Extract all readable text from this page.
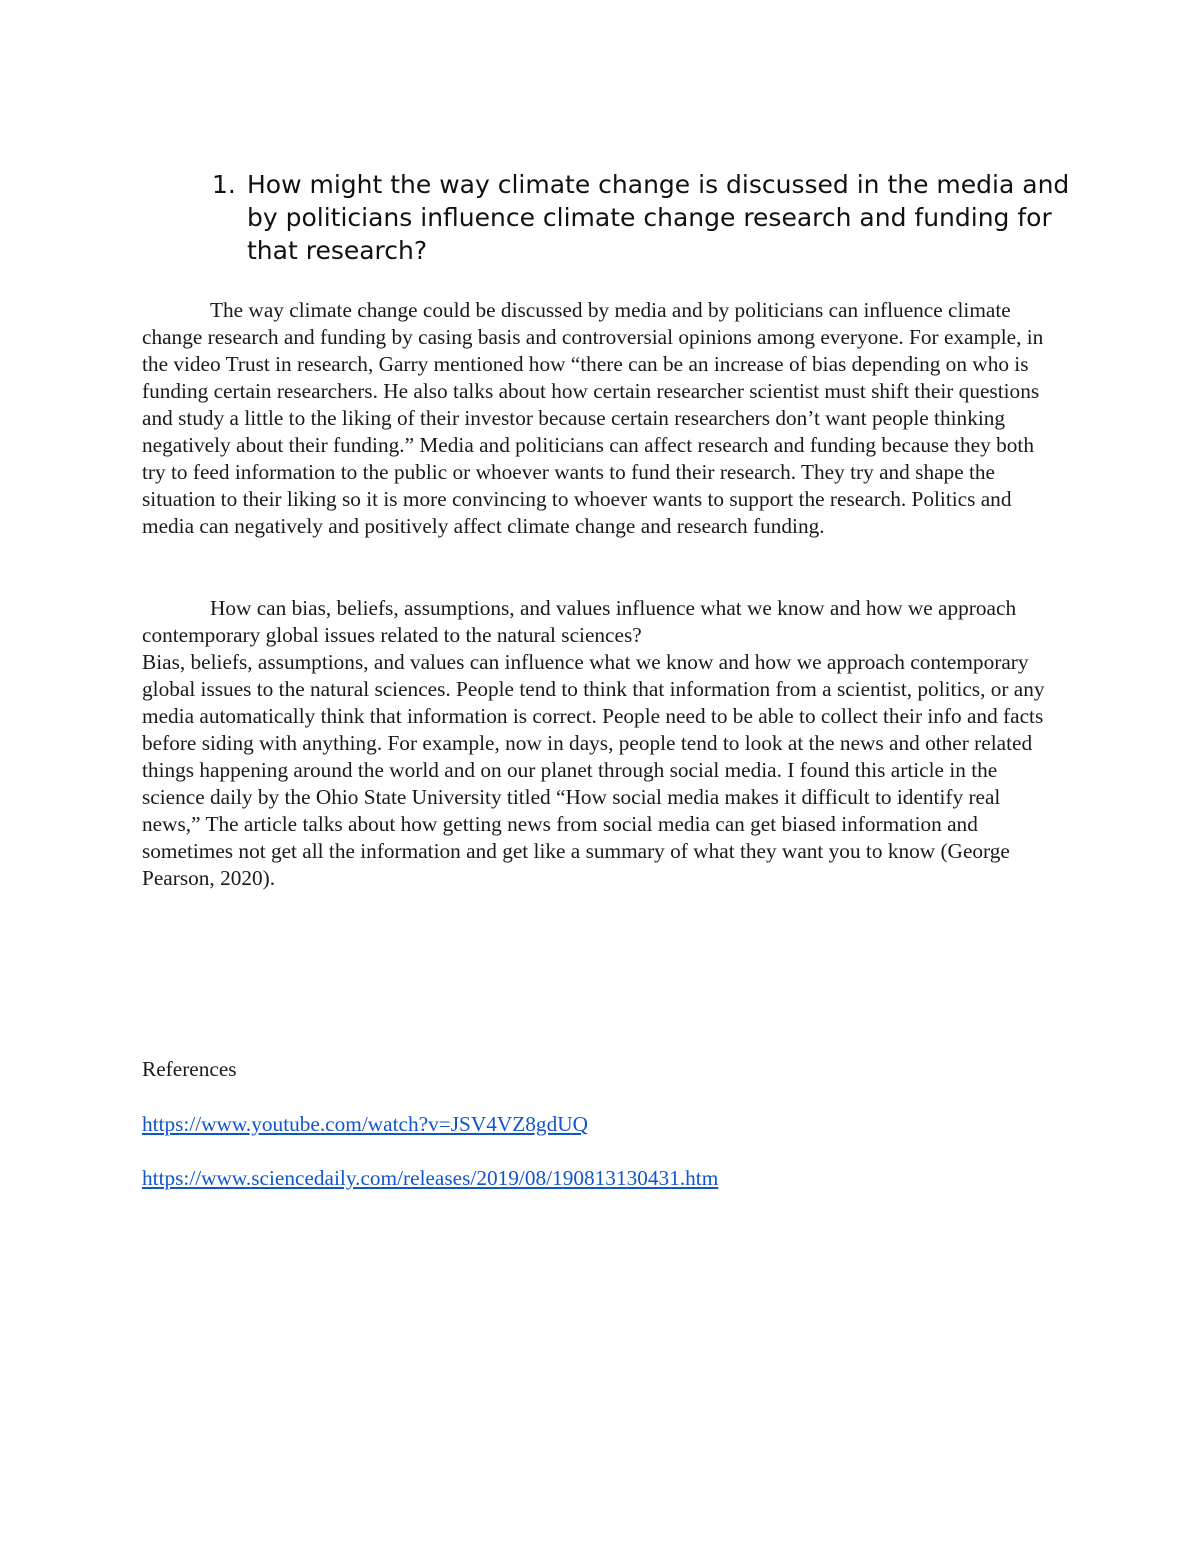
1. How might the way climate change is discussed in the media and by politicians influence climate change research and funding for that research?

The way climate change could be discussed by media and by politicians can influence climate change research and funding by casing basis and controversial opinions among everyone. For example, in the video Trust in research, Garry mentioned how “there can be an increase of bias depending on who is funding certain researchers. He also talks about how certain researcher scientist must shift their questions and study a little to the liking of their investor because certain researchers don’t want people thinking negatively about their funding.” Media and politicians can affect research and funding because they both try to feed information to the public or whoever wants to fund their research. They try and shape the situation to their liking so it is more convincing to whoever wants to support the research. Politics and media can negatively and positively affect climate change and research funding.

How can bias, beliefs, assumptions, and values influence what we know and how we approach contemporary global issues related to the natural sciences?

Bias, beliefs, assumptions, and values can influence what we know and how we approach contemporary global issues to the natural sciences. People tend to think that information from a scientist, politics, or any media automatically think that information is correct. People need to be able to collect their info and facts before siding with anything. For example, now in days, people tend to look at the news and other related things happening around the world and on our planet through social media. I found this article in the science daily by the Ohio State University titled “How social media makes it difficult to identify real news,” The article talks about how getting news from social media can get biased information and sometimes not get all the information and get like a summary of what they want you to know (George Pearson, 2020).

References

https://www.youtube.com/watch?v=JSV4VZ8gdUQ

https://www.sciencedaily.com/releases/2019/08/190813130431.htm
